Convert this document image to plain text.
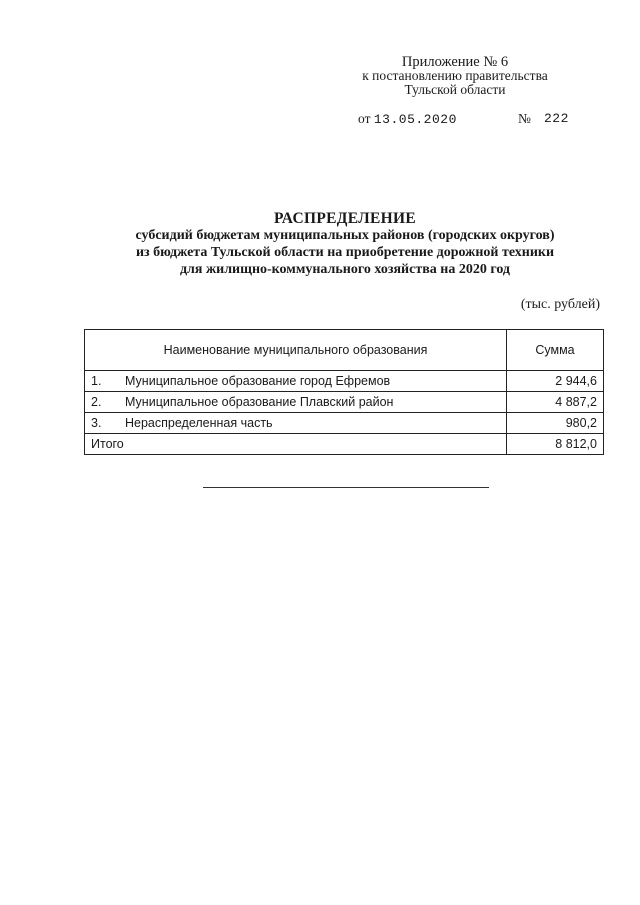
Приложение № 6
к постановлению правительства
Тульской области
от 13.05.2020	№ 222
РАСПРЕДЕЛЕНИЕ
субсидий бюджетам муниципальных районов (городских округов)
из бюджета Тульской области на приобретение дорожной техники
для жилищно-коммунального хозяйства на 2020 год
(тыс. рублей)
Наименование муниципального образования	Сумма
1. Муниципальное образование город Ефремов	2 944,6
2. Муниципальное образование Плавский район	4 887,2
3. Нераспределенная часть	980,2
Итого	8 812,0
